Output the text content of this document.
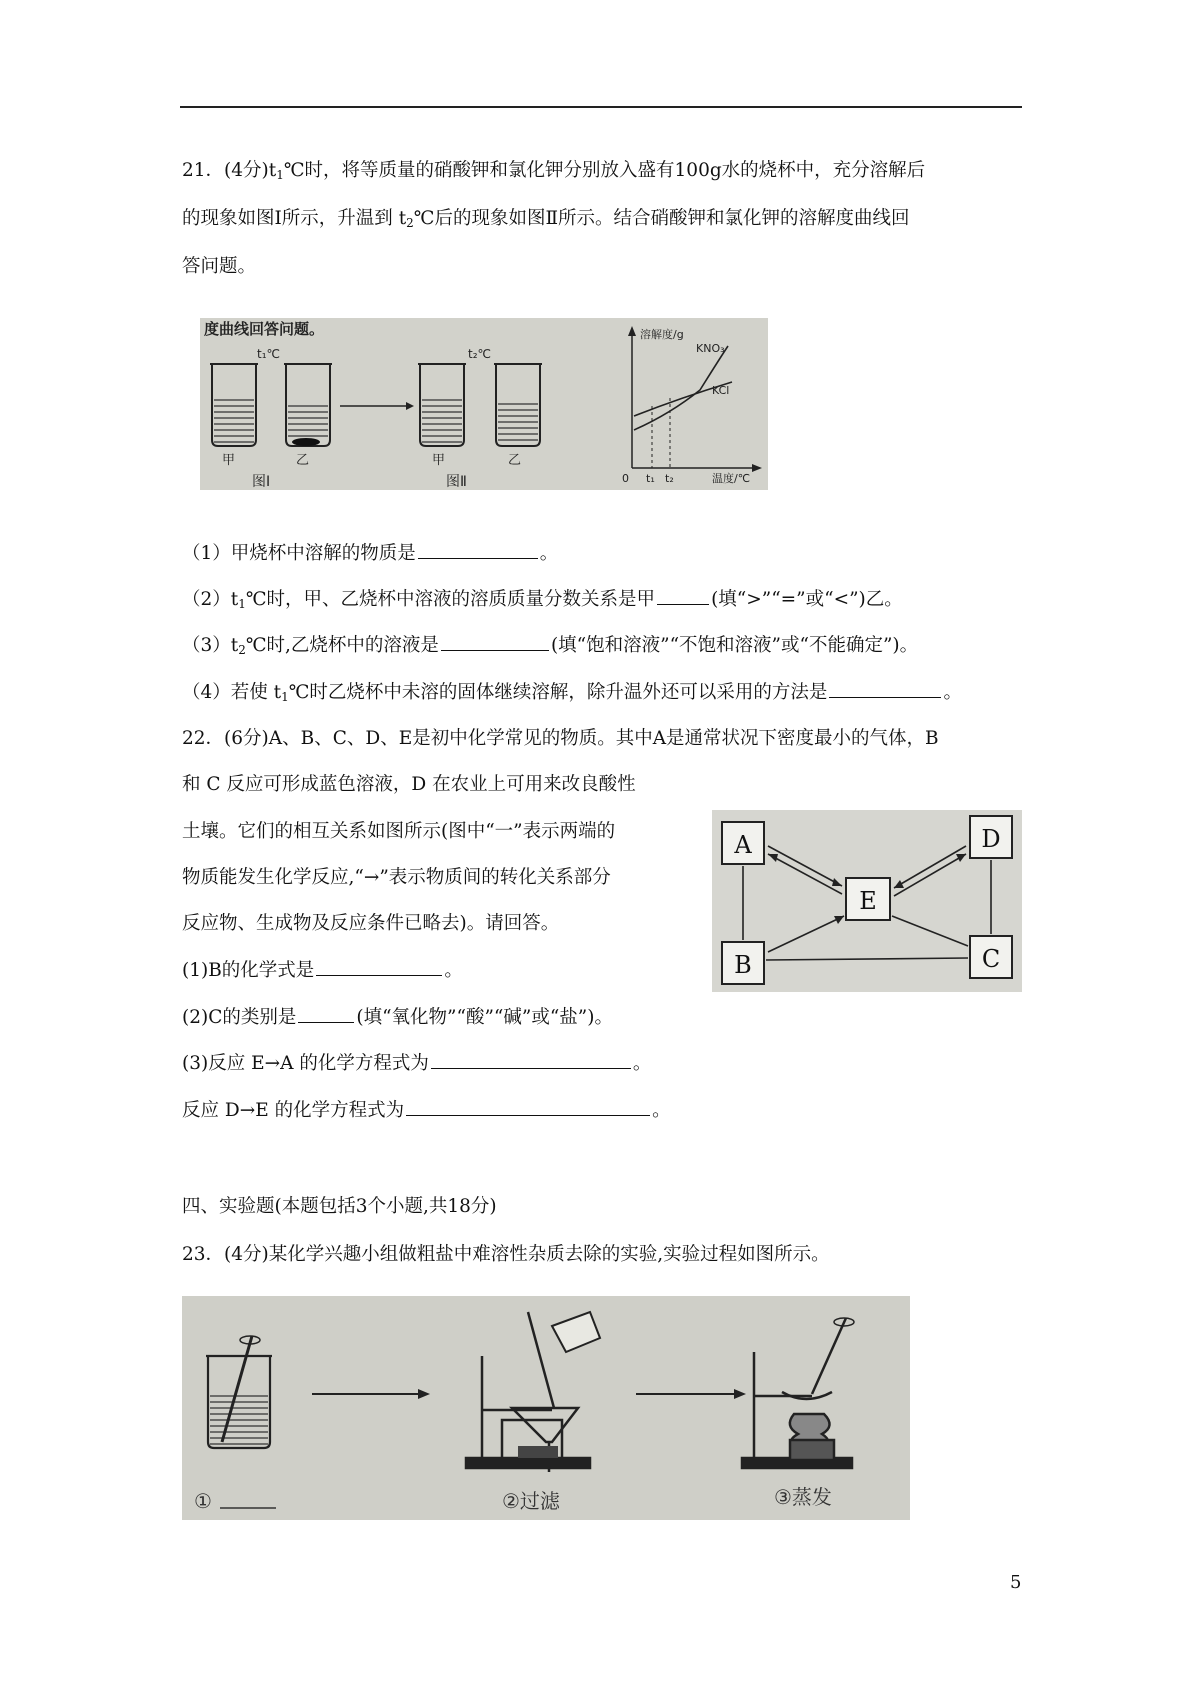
21．(4分)$t_1℃$时，将等质量的硝酸钾和氯化钾分别放入盛有100g水的烧杯中，充分溶解后
的现象如图Ⅰ所示，升温到 $t_2℃$后的现象如图Ⅱ所示。结合硝酸钾和氯化钾的溶解度曲线回
答问题。
度曲线回答问题。
甲
t₁℃
乙
图Ⅰ
甲
t₂℃
乙
图Ⅱ
溶解度/g
KNO₃
KCl
0 t₁ t₂	温度/℃
（1）甲烧杯中溶解的物质是	。
$(2)t_1℃$时，甲、乙烧杯中溶液的溶质质量分数关系是甲	(填“>”“=”或“<”)乙。
$(3)t_2℃$时,乙烧杯中的溶液是	(填“饱和溶液”“不饱和溶液”或“不能确定”)。
（4）若使 $t_1℃$时乙烧杯中未溶的固体继续溶解，除升温外还可以采用的方法是	。
22．(6分)A、B、C、D、E是初中化学常见的物质。其中A是通常状况下密度最小的气体，B
和 C 反应可形成蓝色溶液，D 在农业上可用来改良酸性
土壤。它们的相互关系如图所示(图中“一”表示两端的
物质能发生化学反应,“→”表示物质间的转化关系部分
反应物、生成物及反应条件已略去)。请回答。
A	D
E
B	C
(1)B的化学式是	。
(2)C的类别是	(填“氧化物”“酸”“碱”或“盐”)。
(3)反应 E→A 的化学方程式为	。
反应 D→E 的化学方程式为	。
四、实验题(本题包括3个小题,共18分)
23．(4分)某化学兴趣小组做粗盐中难溶性杂质去除的实验,实验过程如图所示。
①	②过滤	③蒸发
5
